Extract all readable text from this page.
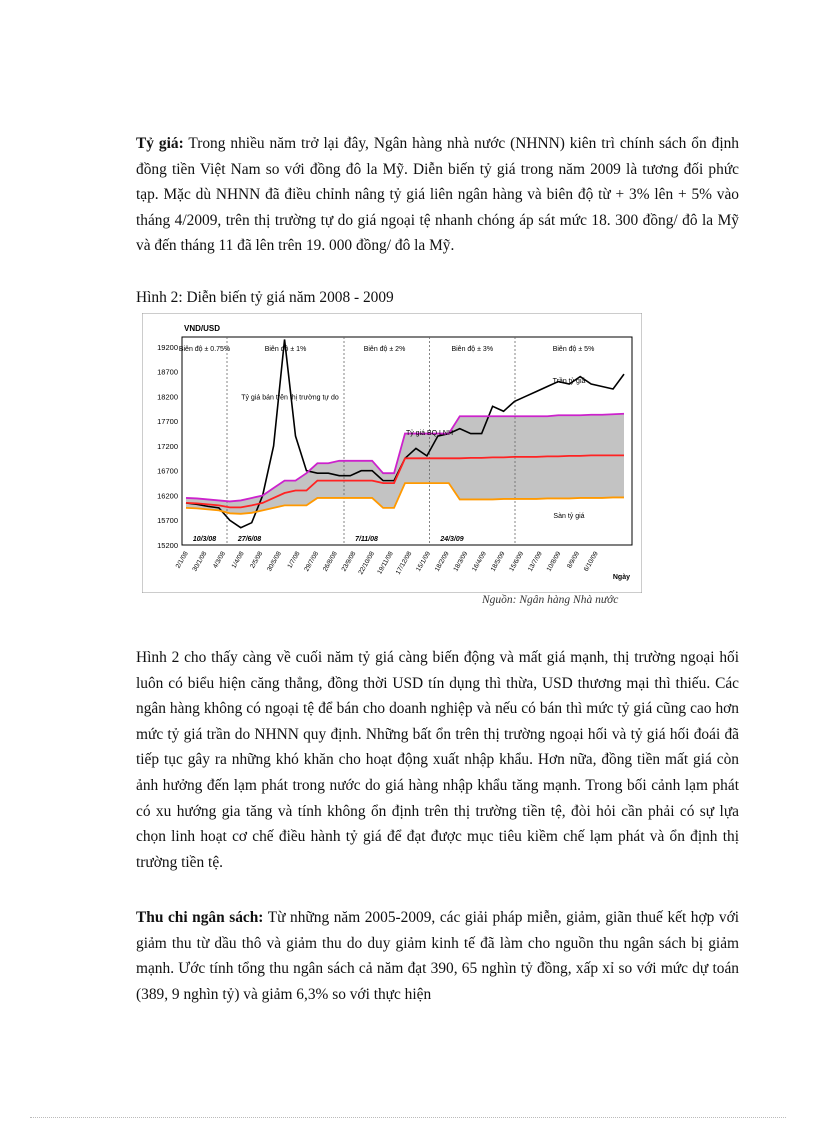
Tỷ giá: Trong nhiều năm trở lại đây, Ngân hàng nhà nước (NHNN) kiên trì chính sách ổn định đồng tiền Việt Nam so với đồng đô la Mỹ. Diễn biến tỷ giá trong năm 2009 là tương đối phức tạp. Mặc dù NHNN đã điều chỉnh nâng tỷ giá liên ngân hàng và biên độ từ + 3% lên + 5% vào tháng 4/2009, trên thị trường tự do giá ngoại tệ nhanh chóng áp sát mức 18. 300 đồng/ đô la Mỹ và đến tháng 11 đã lên trên 19. 000 đồng/ đô la Mỹ.

Hình 2: Diễn biến tỷ giá năm 2008 - 2009

VND/USD
19200
18700
18200
17700
17200
16700
16200
15700
15200
2/1/08 30/1/08 4/3/08 1/4/08 2/5/08 30/5/08 1/7/08 29/7/08 26/8/08 23/9/08 22/10/08 19/11/08 17/12/08 15/1/09 18/2/09 18/3/09 16/4/09 18/5/09 15/6/09 13/7/09 10/8/09 8/9/09 6/10/09
Ngày
Biên độ ± 0.75%
10/3/08
Biên độ ± 1%
27/6/08
Biên độ ± 2%
7/11/08
Biên độ ± 3%
24/3/09
Biên độ ± 5%
Tỷ giá bán trên thị trường tự do
Tỷ giá BQ LNH
Trần tỷ giá
Sàn tỷ giá
Nguồn: Ngân hàng Nhà nước

Hình 2 cho thấy càng về cuối năm tỷ giá càng biến động và mất giá mạnh, thị trường ngoại hối luôn có biểu hiện căng thẳng, đồng thời USD tín dụng thì thừa, USD thương mại thì thiếu. Các ngân hàng không có ngoại tệ để bán cho doanh nghiệp và nếu có bán thì mức tỷ giá cũng cao hơn mức tỷ giá trần do NHNN quy định. Những bất ổn trên thị trường ngoại hối và tỷ giá hối đoái đã tiếp tục gây ra những khó khăn cho hoạt động xuất nhập khẩu. Hơn nữa, đồng tiền mất giá còn ảnh hưởng đến lạm phát trong nước do giá hàng nhập khẩu tăng mạnh. Trong bối cảnh lạm phát có xu hướng gia tăng và tính không ổn định trên thị trường tiền tệ, đòi hỏi cần phải có sự lựa chọn linh hoạt cơ chế điều hành tỷ giá để đạt được mục tiêu kiềm chế lạm phát và ổn định thị trường tiền tệ.

Thu chi ngân sách: Từ những năm 2005-2009, các giải pháp miễn, giảm, giãn thuế kết hợp với giảm thu từ dầu thô và giảm thu do duy giảm kinh tế đã làm cho nguồn thu ngân sách bị giảm mạnh. Ước tính tổng thu ngân sách cả năm đạt 390, 65 nghìn tỷ đồng, xấp xỉ so với mức dự toán (389, 9 nghìn tỷ) và giảm 6,3% so với thực hiện
